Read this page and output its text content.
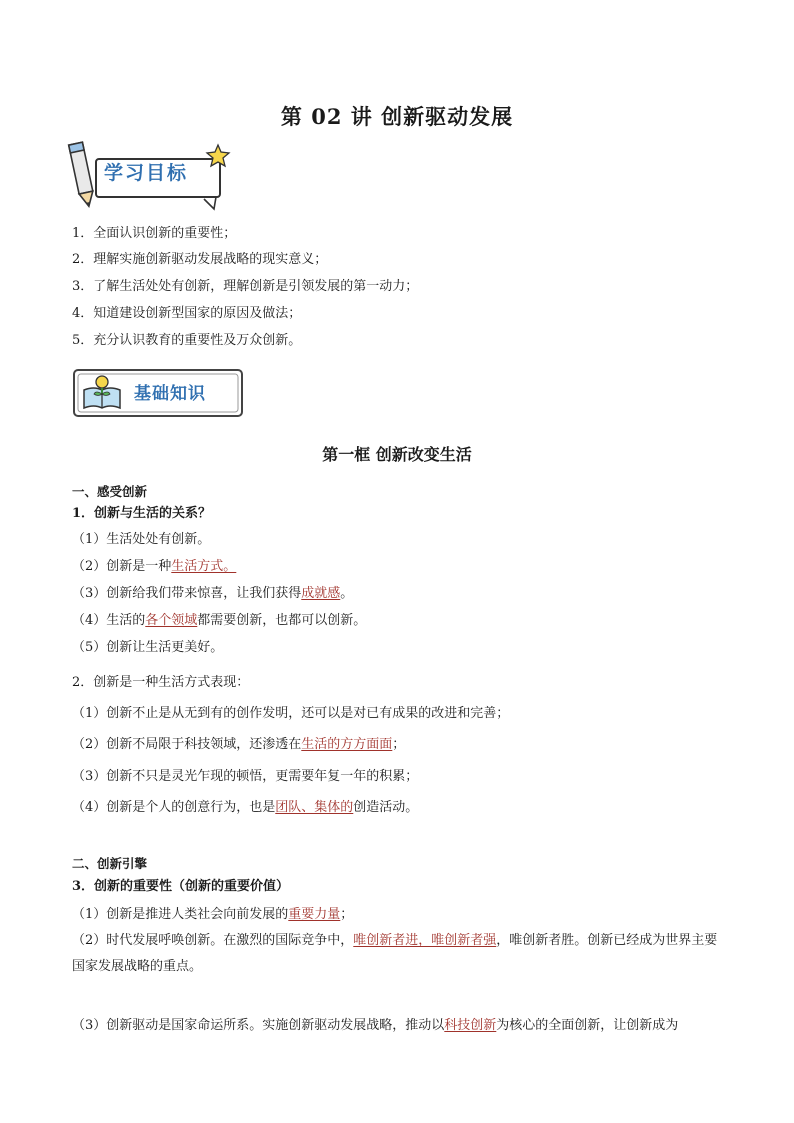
第 02 讲 创新驱动发展
学习目标
1．全面认识创新的重要性；
2．理解实施创新驱动发展战略的现实意义；
3．了解生活处处有创新，理解创新是引领发展的第一动力；
4．知道建设创新型国家的原因及做法；
5．充分认识教育的重要性及万众创新。
基础知识
第一框 创新改变生活
一、感受创新
1．创新与生活的关系？
（1）生活处处有创新。
（2）创新是一种生活方式。
（3）创新给我们带来惊喜，让我们获得成就感。
（4）生活的各个领域都需要创新，也都可以创新。
（5）创新让生活更美好。
2．创新是一种生活方式表现：
（1）创新不止是从无到有的创作发明，还可以是对已有成果的改进和完善；
（2）创新不局限于科技领域，还渗透在生活的方方面面；
（3）创新不只是灵光乍现的顿悟，更需要年复一年的积累；
（4）创新是个人的创意行为，也是团队、集体的创造活动。
二、创新引擎
3．创新的重要性（创新的重要价值）
（1）创新是推进人类社会向前发展的重要力量；
（2）时代发展呼唤创新。在激烈的国际竞争中，唯创新者进，唯创新者强，唯创新者胜。创新已经成为世界主要国家发展战略的重点。
（3）创新驱动是国家命运所系。实施创新驱动发展战略，推动以科技创新为核心的全面创新，让创新成为
